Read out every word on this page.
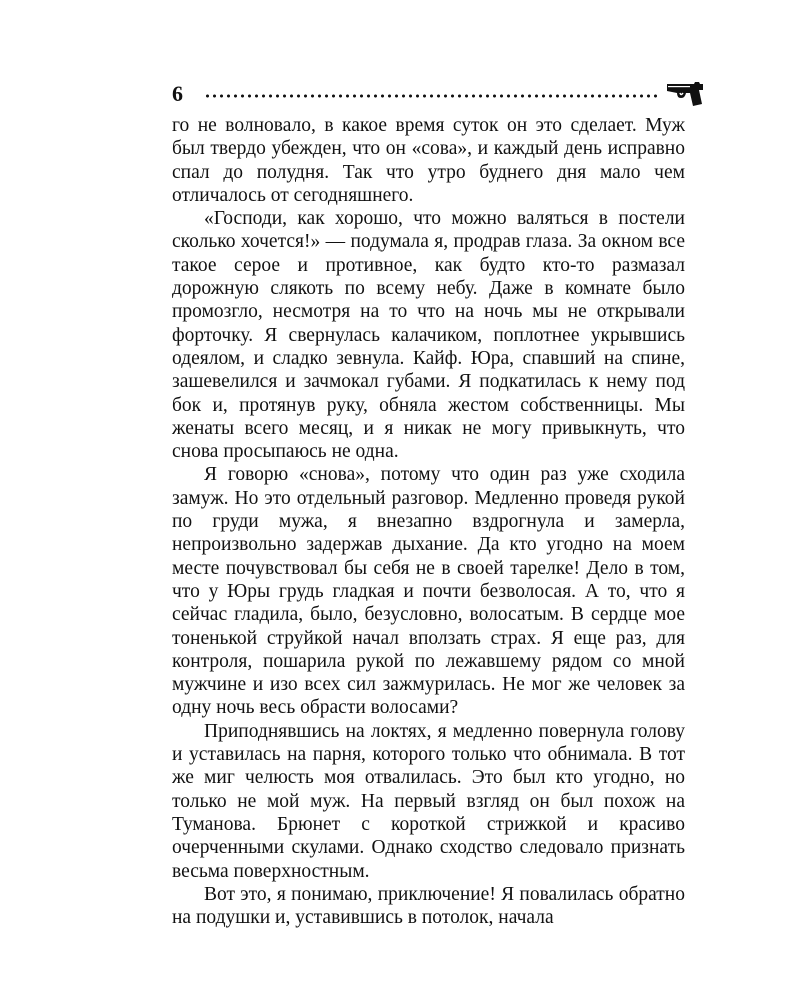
6

го не волновало, в какое время суток он это сделает. Муж был твердо убежден, что он «сова», и каждый день исправно спал до полудня. Так что утро буднего дня мало чем отличалось от сегодняшнего.

«Господи, как хорошо, что можно валяться в постели сколько хочется!» — подумала я, продрав глаза. За окном все такое серое и противное, как будто кто-то размазал дорожную слякоть по всему небу. Даже в комнате было промозгло, несмотря на то что на ночь мы не открывали форточку. Я свернулась калачиком, поплотнее укрывшись одеялом, и сладко зевнула. Кайф. Юра, спавший на спине, зашевелился и зачмокал губами. Я подкатилась к нему под бок и, протянув руку, обняла жестом собственницы. Мы женаты всего месяц, и я никак не могу привыкнуть, что снова просыпаюсь не одна.

Я говорю «снова», потому что один раз уже сходила замуж. Но это отдельный разговор. Медленно проведя рукой по груди мужа, я внезапно вздрогнула и замерла, непроизвольно задержав дыхание. Да кто угодно на моем месте почувствовал бы себя не в своей тарелке! Дело в том, что у Юры грудь гладкая и почти безволосая. А то, что я сейчас гладила, было, безусловно, волосатым. В сердце мое тоненькой струйкой начал вползать страх. Я еще раз, для контроля, пошарила рукой по лежавшему рядом со мной мужчине и изо всех сил зажмурилась. Не мог же человек за одну ночь весь обрасти волосами?

Приподнявшись на локтях, я медленно повернула голову и уставилась на парня, которого только что обнимала. В тот же миг челюсть моя отвалилась. Это был кто угодно, но только не мой муж. На первый взгляд он был похож на Туманова. Брюнет с короткой стрижкой и красиво очерченными скулами. Однако сходство следовало признать весьма поверхностным.

Вот это, я понимаю, приключение! Я повалилась обратно на подушки и, уставившись в потолок, начала
